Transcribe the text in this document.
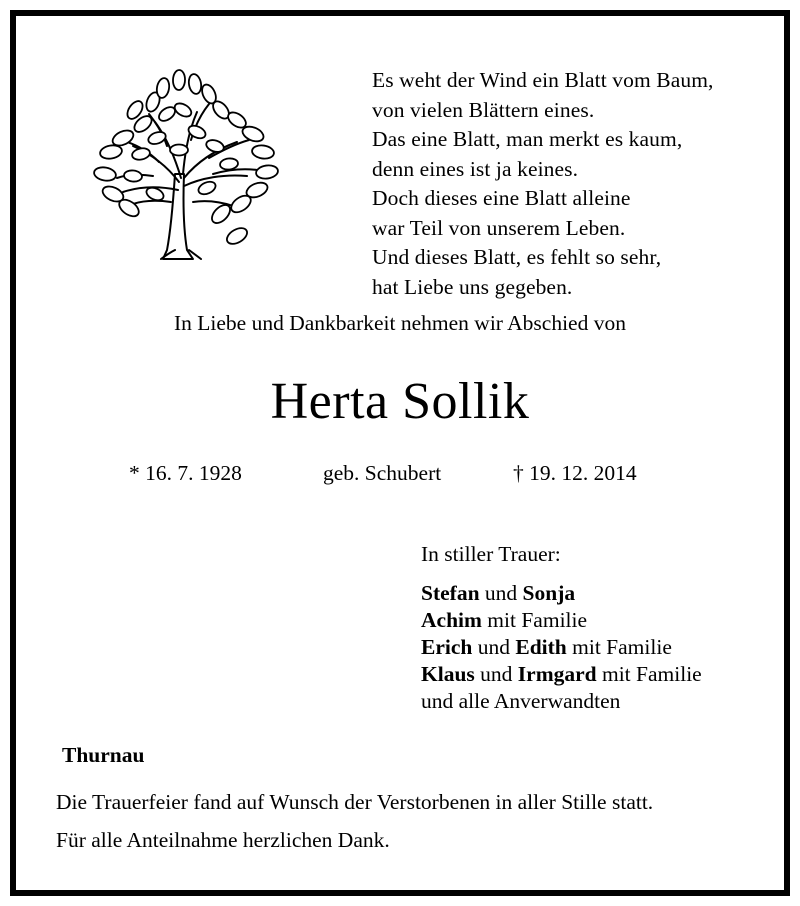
Es weht der Wind ein Blatt vom Baum,
von vielen Blättern eines.
Das eine Blatt, man merkt es kaum,
denn eines ist ja keines.
Doch dieses eine Blatt alleine
war Teil von unserem Leben.
Und dieses Blatt, es fehlt so sehr,
hat Liebe uns gegeben.
In Liebe und Dankbarkeit nehmen wir Abschied von
Herta Sollik
* 16. 7. 1928	geb. Schubert	† 19. 12. 2014
In stiller Trauer:
Stefan und Sonja
Achim mit Familie
Erich und Edith mit Familie
Klaus und Irmgard mit Familie
und alle Anverwandten
Thurnau
Die Trauerfeier fand auf Wunsch der Verstorbenen in aller Stille statt.
Für alle Anteilnahme herzlichen Dank.
